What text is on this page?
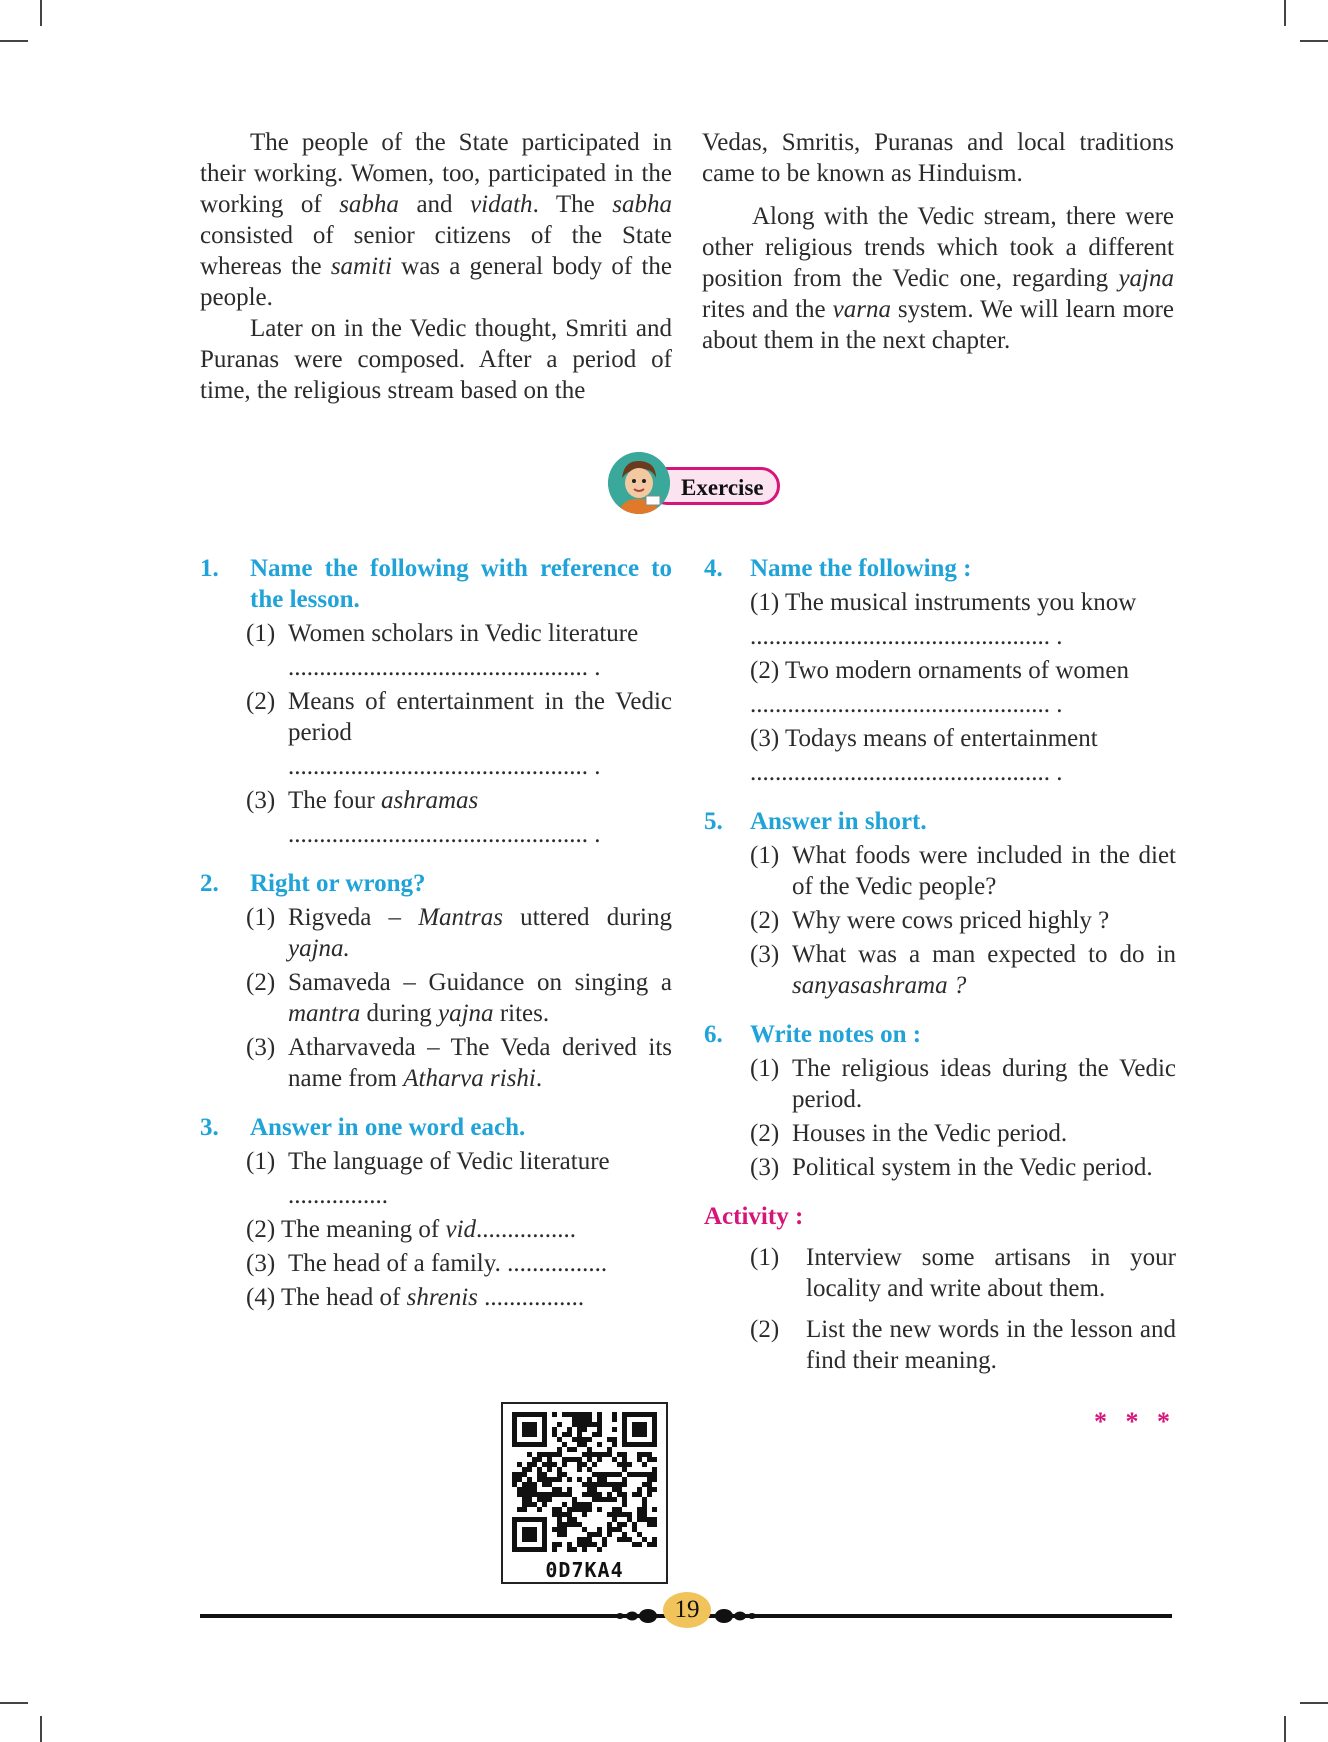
The people of the State participated in their working. Women, too, participated in the working of sabha and vidath. The sabha consisted of senior citizens of the State whereas the samiti was a general body of the people.

Later on in the Vedic thought, Smriti and Puranas were composed. After a period of time, the religious stream based on the

Vedas, Smritis, Puranas and local traditions came to be known as Hinduism.

Along with the Vedic stream, there were other religious trends which took a different position from the Vedic one, regarding yajna rites and the varna system. We will learn more about them in the next chapter.

Exercise
1.	Name the following with reference to the lesson.
(1) Women scholars in Vedic literature
................................................ .
(2) Means of entertainment in the Vedic period
................................................ .
(3) The four ashramas
................................................ .
2.	Right or wrong?
(1) Rigveda – Mantras uttered during yajna.
(2) Samaveda – Guidance on singing a mantra during yajna rites.
(3) Atharvaveda – The Veda derived its name from Atharva rishi.
3.	Answer in one word each.
(1) The language of Vedic literature
................
(2) The meaning of vid................
(3) The head of a family. ................
(4) The head of shrenis ................
4.	Name the following :
(1) The musical instruments you know
................................................ .
(2) Two modern ornaments of women
................................................ .
(3) Todays means of entertainment
................................................ .
5.	Answer in short.
(1) What foods were included in the diet of the Vedic people?
(2) Why were cows priced highly ?
(3) What was a man expected to do in sanyasashrama ?
6.	Write notes on :
(1) The religious ideas during the Vedic period.
(2) Houses in the Vedic period.
(3) Political system in the Vedic period.
Activity :
(1)	Interview some artisans in your locality and write about them.
(2)	List the new words in the lesson and find their meaning.
* * *
0D7KA4
19
